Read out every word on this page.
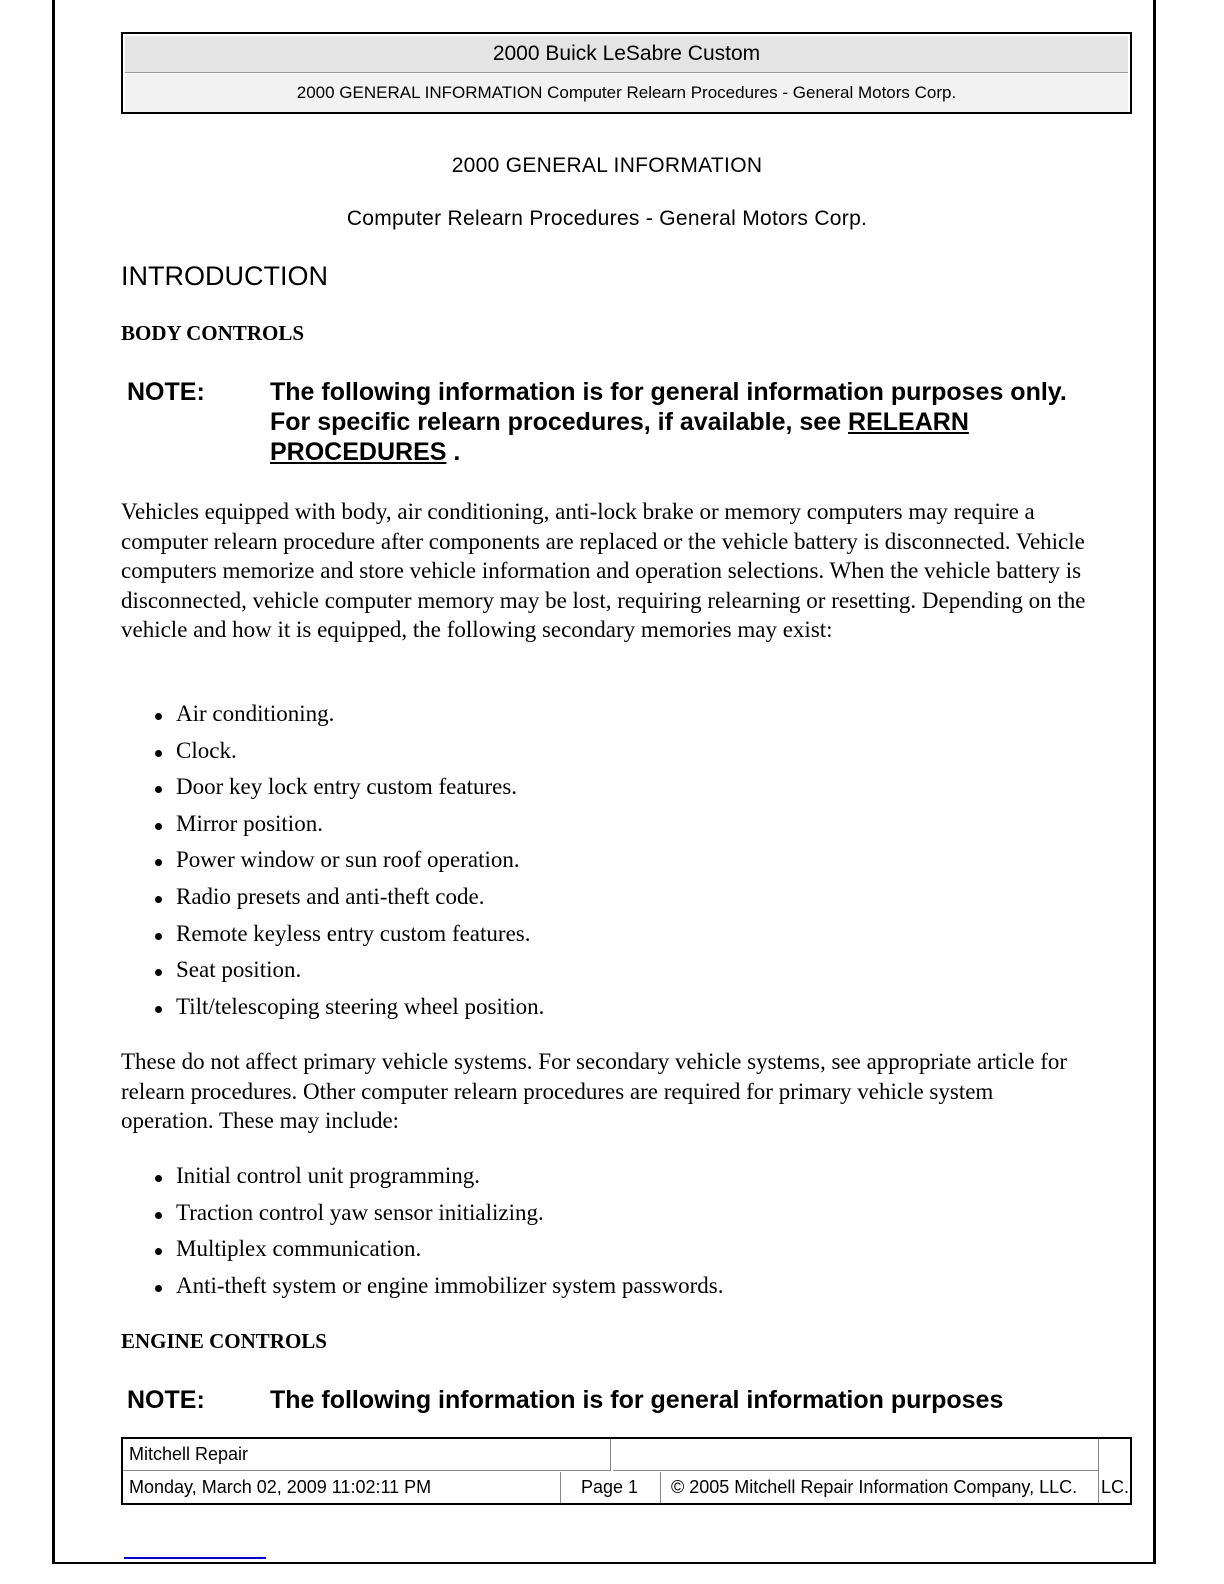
2000 Buick LeSabre Custom
2000 GENERAL INFORMATION Computer Relearn Procedures - General Motors Corp.
2000 GENERAL INFORMATION
Computer Relearn Procedures - General Motors Corp.
INTRODUCTION
BODY CONTROLS
NOTE:	The following information is for general information purposes only. For specific relearn procedures, if available, see RELEARN PROCEDURES .

Vehicles equipped with body, air conditioning, anti-lock brake or memory computers may require a computer relearn procedure after components are replaced or the vehicle battery is disconnected. Vehicle computers memorize and store vehicle information and operation selections. When the vehicle battery is disconnected, vehicle computer memory may be lost, requiring relearning or resetting. Depending on the vehicle and how it is equipped, the following secondary memories may exist:

Air conditioning.
Clock.
Door key lock entry custom features.
Mirror position.
Power window or sun roof operation.
Radio presets and anti-theft code.
Remote keyless entry custom features.
Seat position.
Tilt/telescoping steering wheel position.

These do not affect primary vehicle systems. For secondary vehicle systems, see appropriate article for relearn procedures. Other computer relearn procedures are required for primary vehicle system operation. These may include:

Initial control unit programming.
Traction control yaw sensor initializing.
Multiplex communication.
Anti-theft system or engine immobilizer system passwords.
ENGINE CONTROLS
NOTE:	The following information is for general information purposes
Mitchell Repair
Monday, March 02, 2009 11:02:11 PM	Page 1	© 2005 Mitchell Repair Information Company, LLC.	LC.
